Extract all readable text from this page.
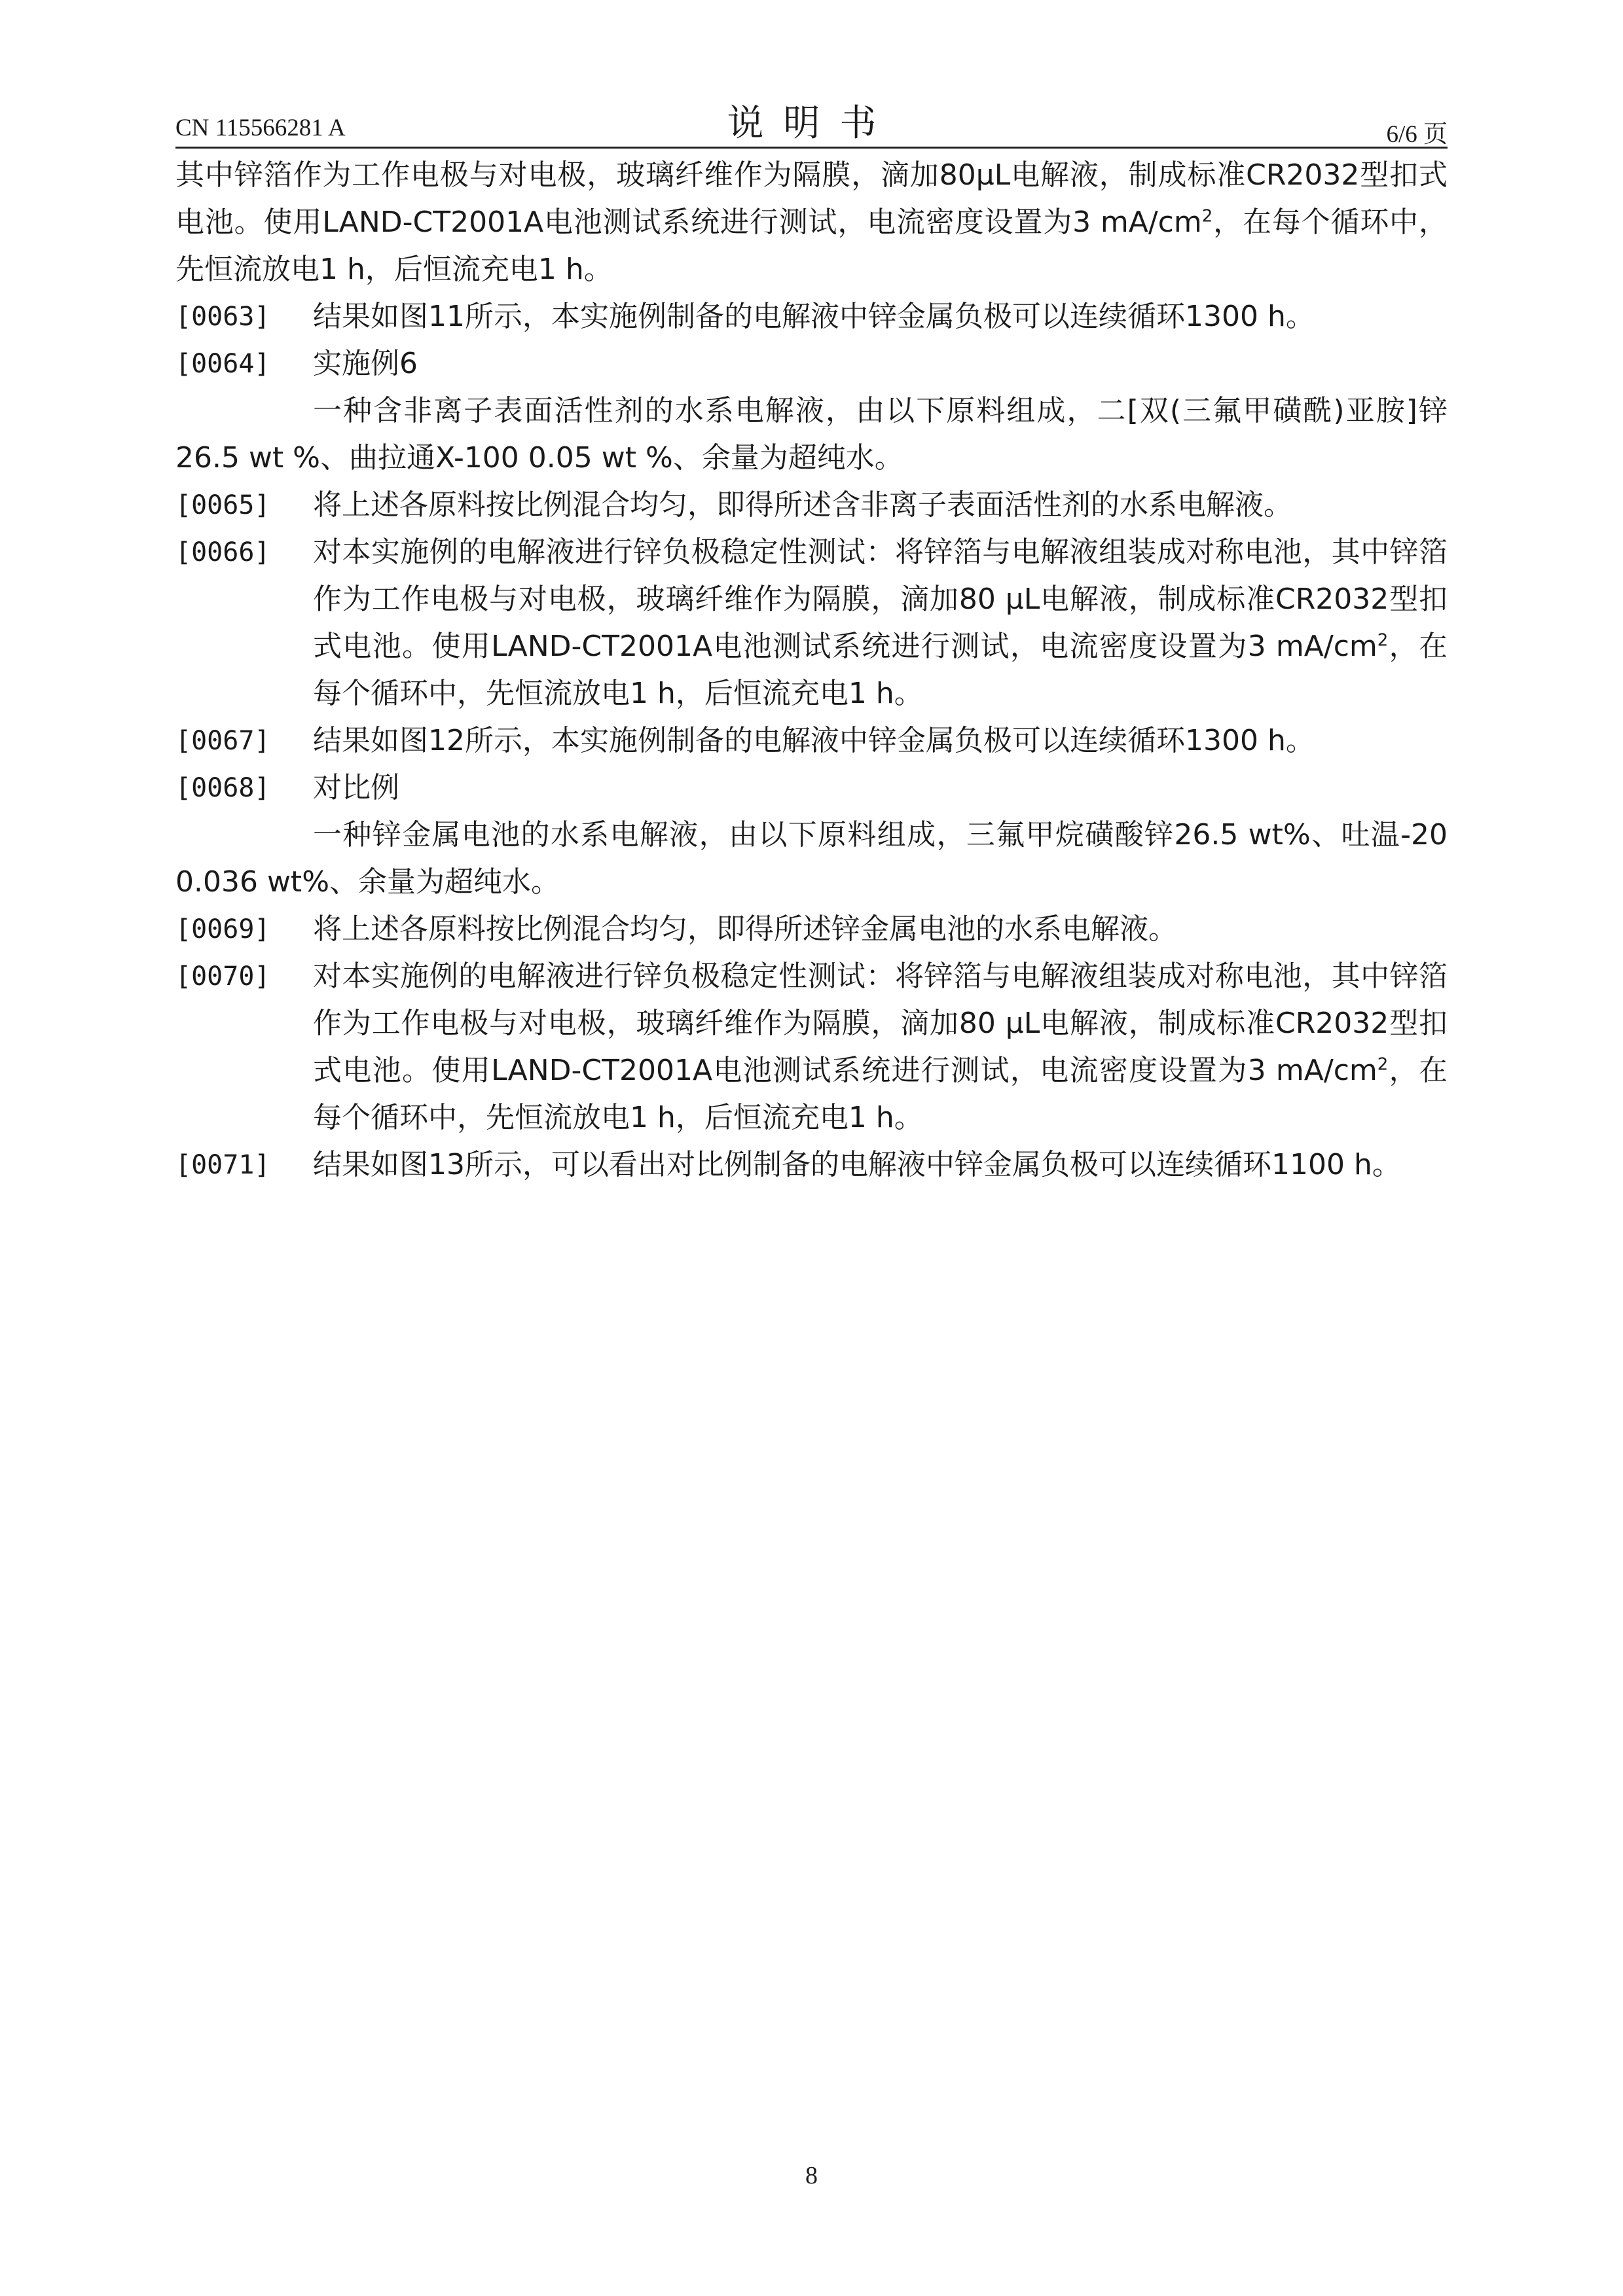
CN 115566281 A	说明书	6/6 页

其中锌箔作为工作电极与对电极，玻璃纤维作为隔膜，滴加80μL电解液，制成标准CR2032型扣式电池。使用LAND-CT2001A电池测试系统进行测试，电流密度设置为3 $mA/cm^2$，在每个循环中，先恒流放电1 h，后恒流充电1 h。

[0063] 结果如图11所示，本实施例制备的电解液中锌金属负极可以连续循环1300 h。

[0064] 实施例6

一种含非离子表面活性剂的水系电解液，由以下原料组成，二[双(三氟甲磺酰)亚胺]锌26.5 wt %、曲拉通X-100 0.05 wt %、余量为超纯水。

[0065] 将上述各原料按比例混合均匀，即得所述含非离子表面活性剂的水系电解液。

[0066] 对本实施例的电解液进行锌负极稳定性测试：将锌箔与电解液组装成对称电池，其中锌箔作为工作电极与对电极，玻璃纤维作为隔膜，滴加80 μL电解液，制成标准CR2032型扣式电池。使用LAND-CT2001A电池测试系统进行测试，电流密度设置为3 $mA/cm^2$，在每个循环中，先恒流放电1 h，后恒流充电1 h。

[0067] 结果如图12所示，本实施例制备的电解液中锌金属负极可以连续循环1300 h。

[0068] 对比例

一种锌金属电池的水系电解液，由以下原料组成，三氟甲烷磺酸锌26.5 wt%、吐温-20 0.036 wt%、余量为超纯水。

[0069] 将上述各原料按比例混合均匀，即得所述锌金属电池的水系电解液。

[0070] 对本实施例的电解液进行锌负极稳定性测试：将锌箔与电解液组装成对称电池，其中锌箔作为工作电极与对电极，玻璃纤维作为隔膜，滴加80 μL电解液，制成标准CR2032型扣式电池。使用LAND-CT2001A电池测试系统进行测试，电流密度设置为3 $mA/cm^2$，在每个循环中，先恒流放电1 h，后恒流充电1 h。

[0071] 结果如图13所示，可以看出对比例制备的电解液中锌金属负极可以连续循环1100 h。

8
